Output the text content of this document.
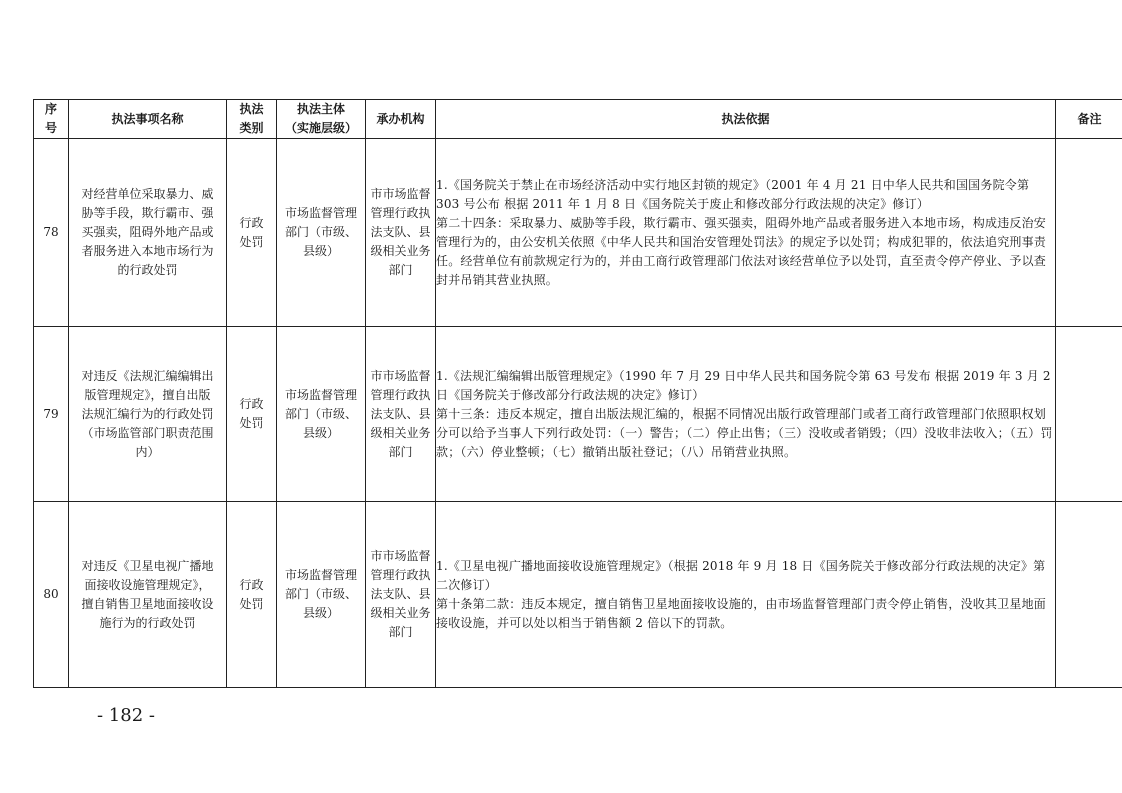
序
号	执法事项名称	执法
类别	执法主体
（实施层级）	承办机构	执法依据	备注
78	对经营单位采取暴力、威胁等手段，欺行霸市、强买强卖，阻碍外地产品或者服务进入本地市场行为的行政处罚	行政处罚	市场监督管理部门（市级、县级）	市市场监督管理行政执法支队、县级相关业务部门	1.《国务院关于禁止在市场经济活动中实行地区封锁的规定》（2001 年 4 月 21 日中华人民共和国国务院令第 303 号公布 根据 2011 年 1 月 8 日《国务院关于废止和修改部分行政法规的决定》修订）
第二十四条：采取暴力、威胁等手段，欺行霸市、强买强卖，阻碍外地产品或者服务进入本地市场，构成违反治安管理行为的，由公安机关依照《中华人民共和国治安管理处罚法》的规定予以处罚；构成犯罪的，依法追究刑事责任。经营单位有前款规定行为的，并由工商行政管理部门依法对该经营单位予以处罚，直至责令停产停业、予以查封并吊销其营业执照。	

79	对违反《法规汇编编辑出版管理规定》，擅自出版法规汇编行为的行政处罚（市场监管部门职责范围内）	行政处罚	市场监督管理部门（市级、县级）	市市场监督管理行政执法支队、县级相关业务部门	1.《法规汇编编辑出版管理规定》（1990 年 7 月 29 日中华人民共和国务院令第 63 号发布 根据 2019 年 3 月 2 日《国务院关于修改部分行政法规的决定》修订）
第十三条：违反本规定，擅自出版法规汇编的，根据不同情况出版行政管理部门或者工商行政管理部门依照职权划分可以给予当事人下列行政处罚：（一）警告；（二）停止出售；（三）没收或者销毁；（四）没收非法收入；（五）罚款；（六）停业整顿；（七）撤销出版社登记；（八）吊销营业执照。	

80	对违反《卫星电视广播地面接收设施管理规定》，擅自销售卫星地面接收设施行为的行政处罚	行政处罚	市场监督管理部门（市级、县级）	市市场监督管理行政执法支队、县级相关业务部门	1.《卫星电视广播地面接收设施管理规定》（根据 2018 年 9 月 18 日《国务院关于修改部分行政法规的决定》第二次修订）
第十条第二款：违反本规定，擅自销售卫星地面接收设施的，由市场监督管理部门责令停止销售，没收其卫星地面接收设施，并可以处以相当于销售额 2 倍以下的罚款。	

- 182 -
